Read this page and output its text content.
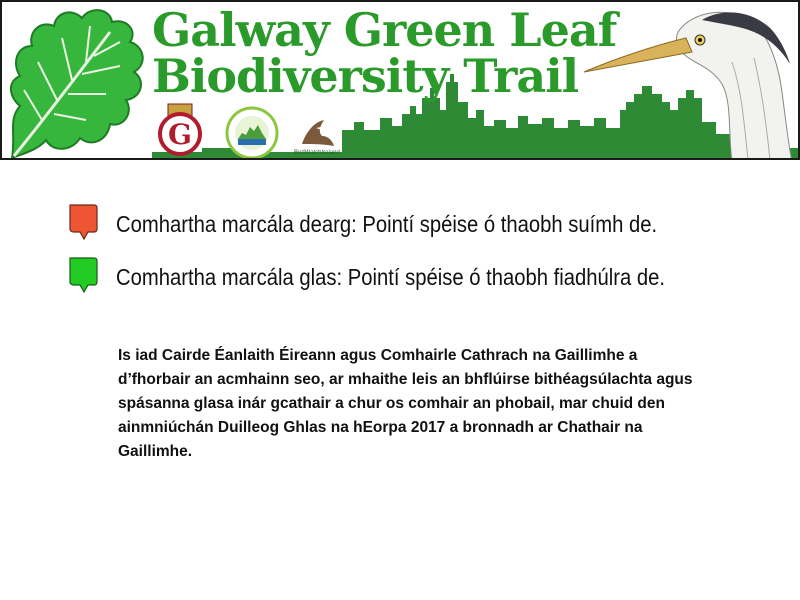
Galway Green Leaf
Biodiversity Trail
G
BirdWatchIreland
Comhartha marcála dearg: Pointí spéise ó thaobh suímh de.
Comhartha marcála glas: Pointí spéise ó thaobh fiadhúlra de.
Is iad Cairde Éanlaith Éireann agus Comhairle Cathrach na Gaillimhe a d’fhorbair an acmhainn seo, ar mhaithe leis an bhflúirse bithéagsúlachta agus spásanna glasa inár gcathair a chur os comhair an phobail, mar chuid den ainmniúchán Duilleog Ghlas na hEorpa 2017 a bronnadh ar Chathair na Gaillimhe.
